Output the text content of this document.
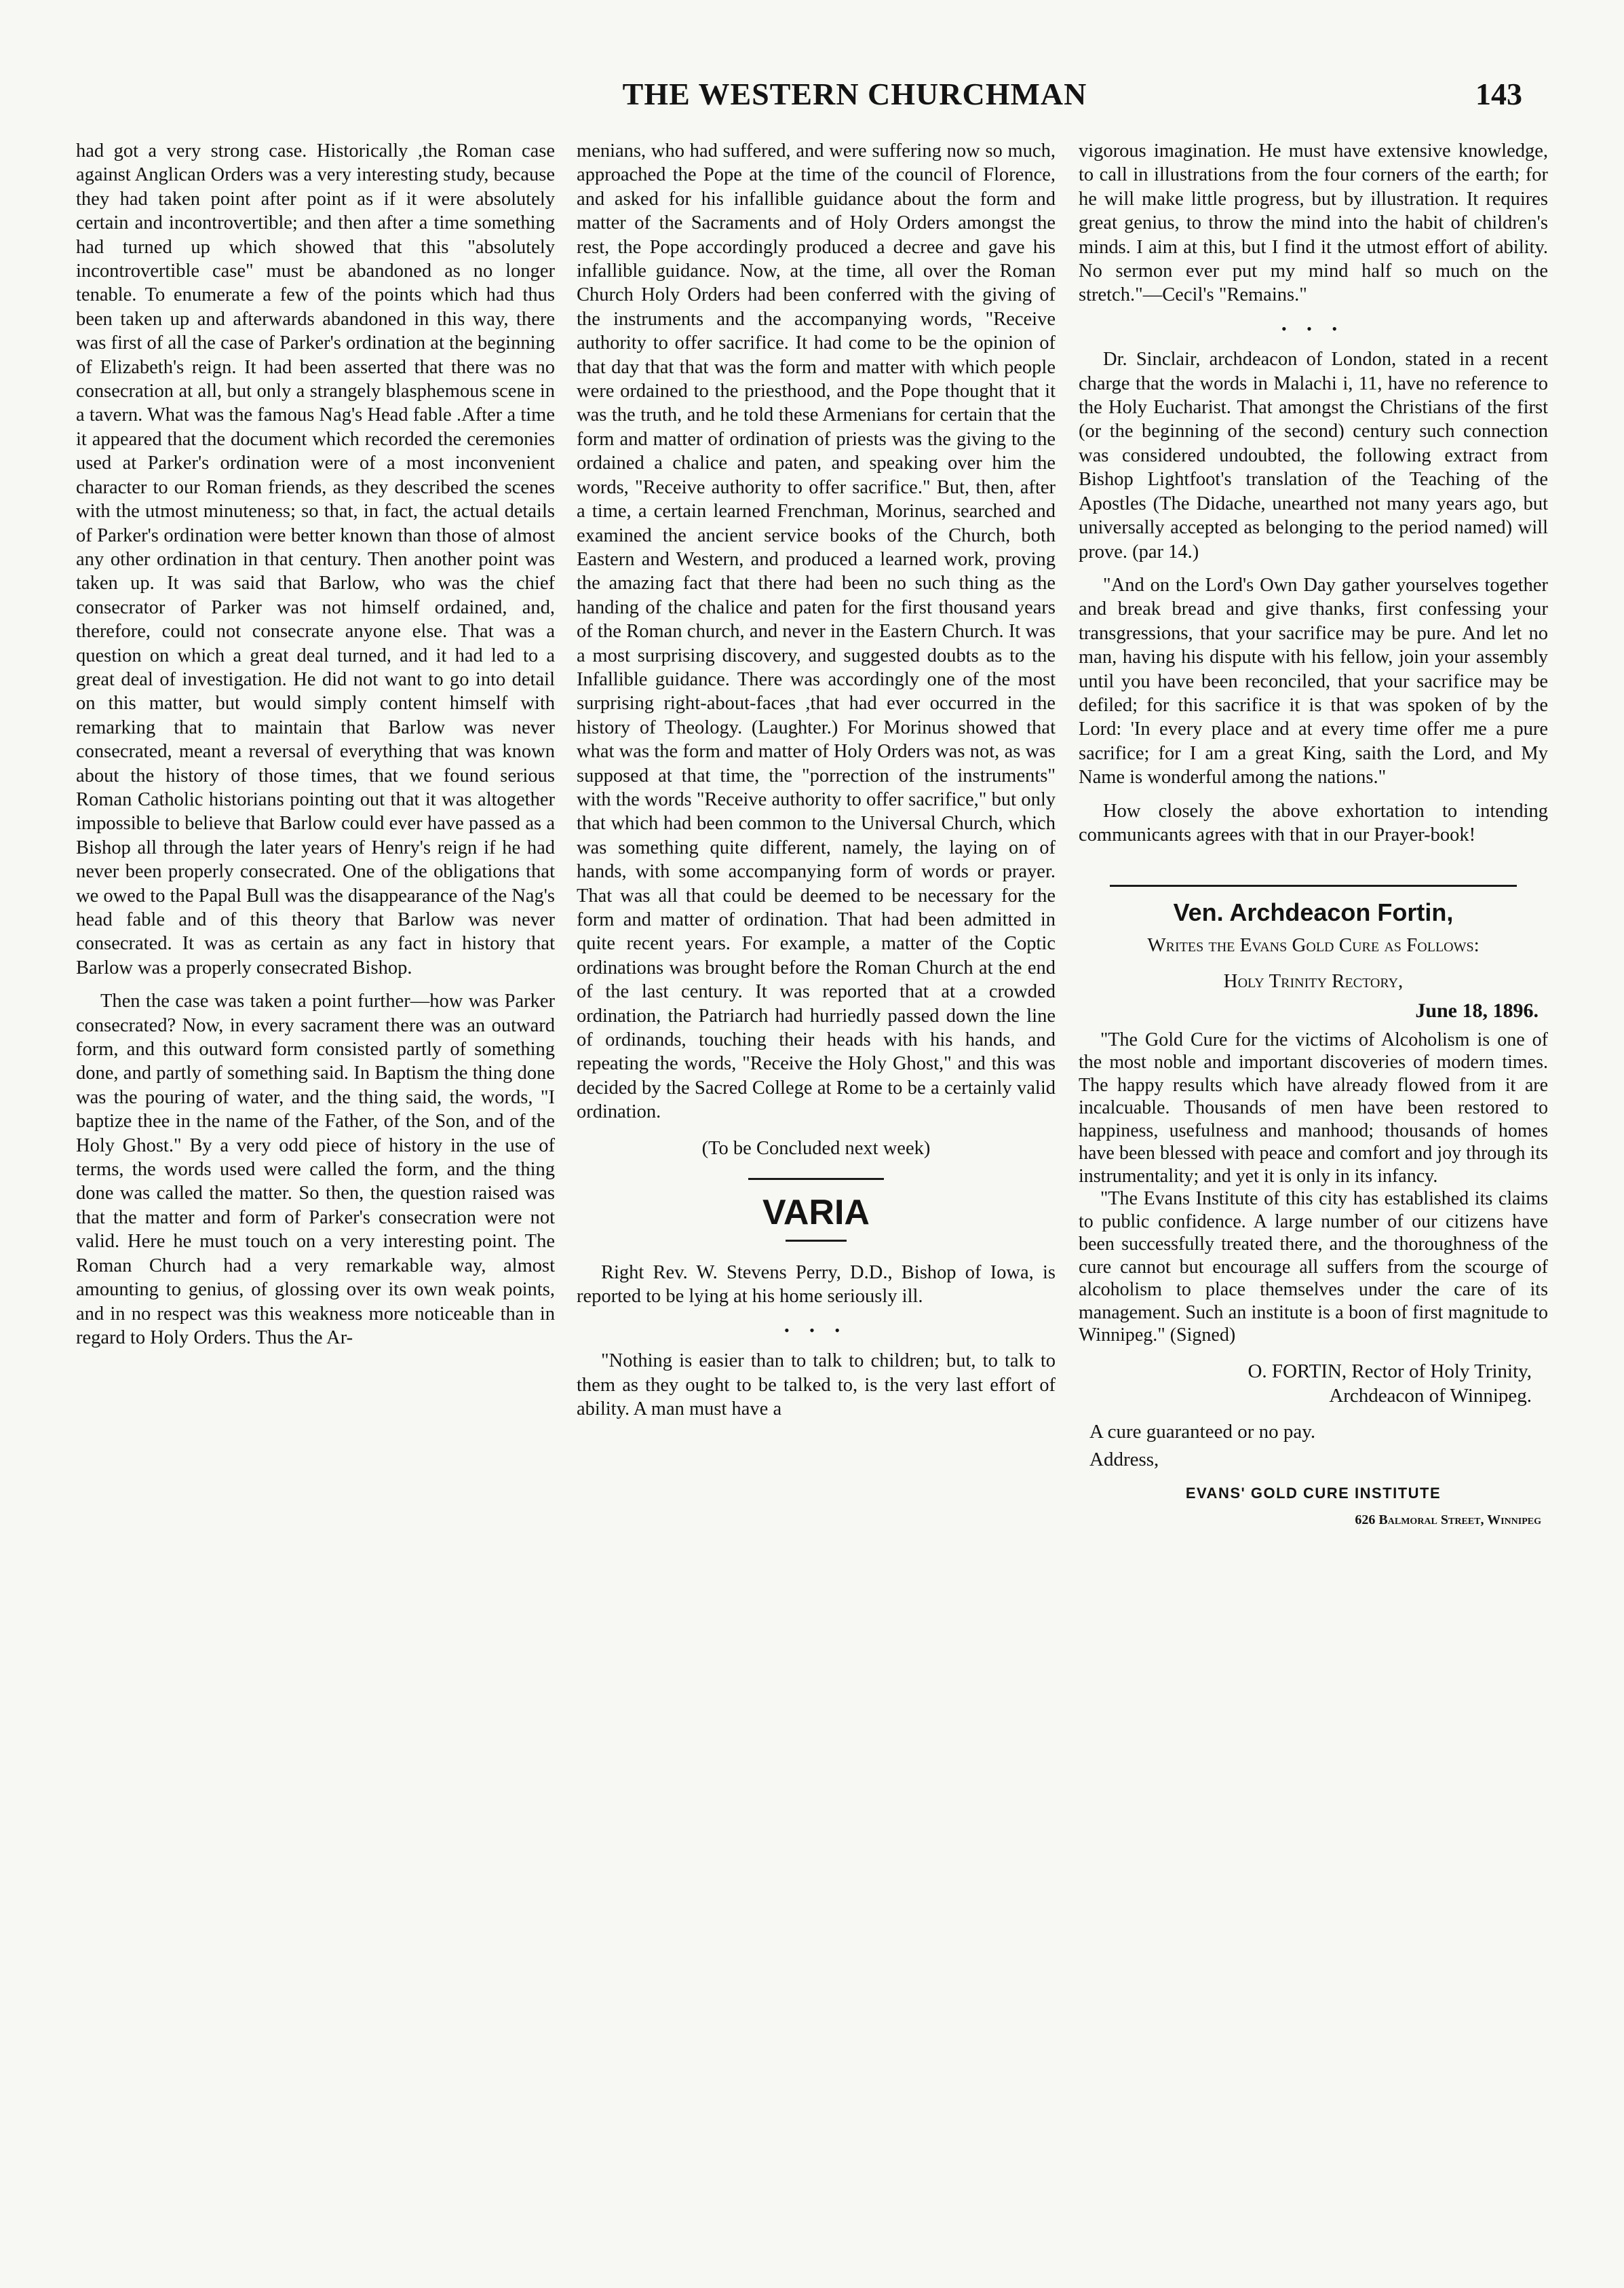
THE WESTERN CHURCHMAN	143

had got a very strong case. Historically ,the Roman case against Anglican Orders was a very interesting study, because they had taken point after point as if it were absolutely certain and incontrovertible; and then after a time something had turned up which showed that this "absolutely incontrovertible case" must be abandoned as no longer tenable. To enumerate a few of the points which had thus been taken up and afterwards abandoned in this way, there was first of all the case of Parker's ordination at the beginning of Elizabeth's reign. It had been asserted that there was no consecration at all, but only a strangely blasphemous scene in a tavern. What was the famous Nag's Head fable .After a time it appeared that the document which recorded the ceremonies used at Parker's ordination were of a most inconvenient character to our Roman friends, as they described the scenes with the utmost minuteness; so that, in fact, the actual details of Parker's ordination were better known than those of almost any other ordination in that century. Then another point was taken up. It was said that Barlow, who was the chief consecrator of Parker was not himself ordained, and, therefore, could not consecrate anyone else. That was a question on which a great deal turned, and it had led to a great deal of investigation. He did not want to go into detail on this matter, but would simply content himself with remarking that to maintain that Barlow was never consecrated, meant a reversal of everything that was known about the history of those times, that we found serious Roman Catholic historians pointing out that it was altogether impossible to believe that Barlow could ever have passed as a Bishop all through the later years of Henry's reign if he had never been properly consecrated. One of the obligations that we owed to the Papal Bull was the disappearance of the Nag's head fable and of this theory that Barlow was never consecrated. It was as certain as any fact in history that Barlow was a properly consecrated Bishop.

Then the case was taken a point further—how was Parker consecrated? Now, in every sacrament there was an outward form, and this outward form consisted partly of something done, and partly of something said. In Baptism the thing done was the pouring of water, and the thing said, the words, "I baptize thee in the name of the Father, of the Son, and of the Holy Ghost." By a very odd piece of history in the use of terms, the words used were called the form, and the thing done was called the matter. So then, the question raised was that the matter and form of Parker's consecration were not valid. Here he must touch on a very interesting point. The Roman Church had a very remarkable way, almost amounting to genius, of glossing over its own weak points, and in no respect was this weakness more noticeable than in regard to Holy Orders. Thus the Ar-

menians, who had suffered, and were suffering now so much, approached the Pope at the time of the council of Florence, and asked for his infallible guidance about the form and matter of the Sacraments and of Holy Orders amongst the rest, the Pope accordingly produced a decree and gave his infallible guidance. Now, at the time, all over the Roman Church Holy Orders had been conferred with the giving of the instruments and the accompanying words, "Receive authority to offer sacrifice. It had come to be the opinion of that day that that was the form and matter with which people were ordained to the priesthood, and the Pope thought that it was the truth, and he told these Armenians for certain that the form and matter of ordination of priests was the giving to the ordained a chalice and paten, and speaking over him the words, "Receive authority to offer sacrifice." But, then, after a time, a certain learned Frenchman, Morinus, searched and examined the ancient service books of the Church, both Eastern and Western, and produced a learned work, proving the amazing fact that there had been no such thing as the handing of the chalice and paten for the first thousand years of the Roman church, and never in the Eastern Church. It was a most surprising discovery, and suggested doubts as to the Infallible guidance. There was accordingly one of the most surprising right-about-faces ,that had ever occurred in the history of Theology. (Laughter.) For Morinus showed that what was the form and matter of Holy Orders was not, as was supposed at that time, the "porrection of the instruments" with the words "Receive authority to offer sacrifice," but only that which had been common to the Universal Church, which was something quite different, namely, the laying on of hands, with some accompanying form of words or prayer. That was all that could be deemed to be necessary for the form and matter of ordination. That had been admitted in quite recent years. For example, a matter of the Coptic ordinations was brought before the Roman Church at the end of the last century. It was reported that at a crowded ordination, the Patriarch had hurriedly passed down the line of ordinands, touching their heads with his hands, and repeating the words, "Receive the Holy Ghost," and this was decided by the Sacred College at Rome to be a certainly valid ordination.

(To be Concluded next week)
VARIA

Right Rev. W. Stevens Perry, D.D., Bishop of Iowa, is reported to be lying at his home seriously ill.

• • •

"Nothing is easier than to talk to children; but, to talk to them as they ought to be talked to, is the very last effort of ability. A man must have a

vigorous imagination. He must have extensive knowledge, to call in illustrations from the four corners of the earth; for he will make little progress, but by illustration. It requires great genius, to throw the mind into the habit of children's minds. I aim at this, but I find it the utmost effort of ability. No sermon ever put my mind half so much on the stretch."—Cecil's "Remains."

• • •

Dr. Sinclair, archdeacon of London, stated in a recent charge that the words in Malachi i, 11, have no reference to the Holy Eucharist. That amongst the Christians of the first (or the beginning of the second) century such connection was considered undoubted, the following extract from Bishop Lightfoot's translation of the Teaching of the Apostles (The Didache, unearthed not many years ago, but universally accepted as belonging to the period named) will prove. (par 14.)

"And on the Lord's Own Day gather yourselves together and break bread and give thanks, first confessing your transgressions, that your sacrifice may be pure. And let no man, having his dispute with his fellow, join your assembly until you have been reconciled, that your sacrifice may be defiled; for this sacrifice it is that was spoken of by the Lord: 'In every place and at every time offer me a pure sacrifice; for I am a great King, saith the Lord, and My Name is wonderful among the nations."

How closely the above exhortation to intending communicants agrees with that in our Prayer-book!

Ven. Archdeacon Fortin,
Writes the Evans Gold Cure as Follows:
Holy Trinity Rectory,
June 18, 1896.

"The Gold Cure for the victims of Alcoholism is one of the most noble and important discoveries of modern times. The happy results which have already flowed from it are incalcuable. Thousands of men have been restored to happiness, usefulness and manhood; thousands of homes have been blessed with peace and comfort and joy through its instrumentality; and yet it is only in its infancy.

"The Evans Institute of this city has established its claims to public confidence. A large number of our citizens have been successfully treated there, and the thoroughness of the cure cannot but encourage all suffers from the scourge of alcoholism to place themselves under the care of its management. Such an institute is a boon of first magnitude to Winnipeg." (Signed)

O. FORTIN, Rector of Holy Trinity,
Archdeacon of Winnipeg.
A cure guaranteed or no pay.
Address,
EVANS' GOLD CURE INSTITUTE
626 Balmoral Street, Winnipeg
